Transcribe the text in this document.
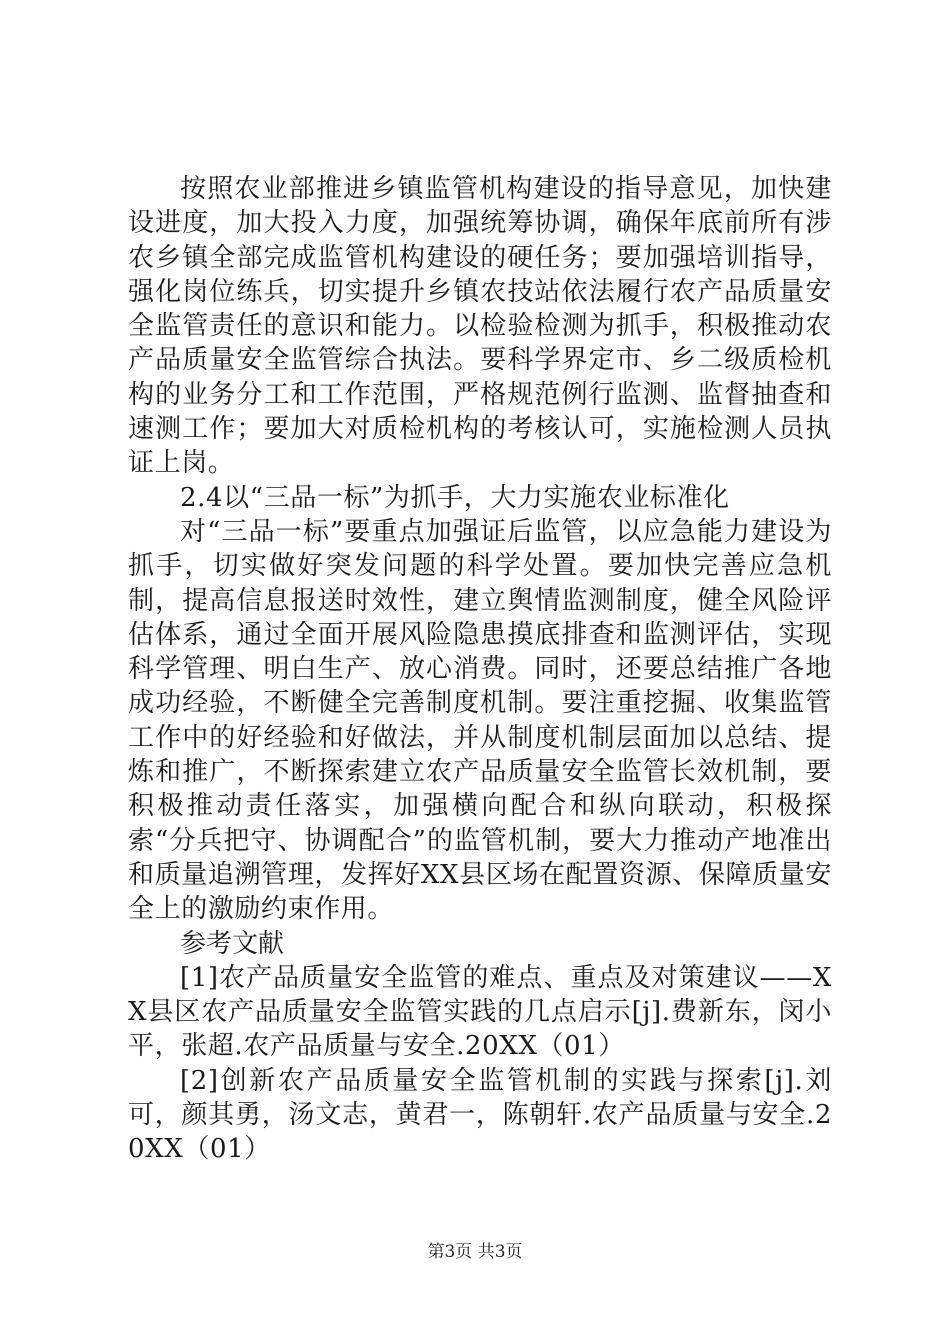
按照农业部推进乡镇监管机构建设的指导意见，加快建设进度，加大投入力度，加强统筹协调，确保年底前所有涉农乡镇全部完成监管机构建设的硬任务；要加强培训指导，强化岗位练兵，切实提升乡镇农技站依法履行农产品质量安全监管责任的意识和能力。以检验检测为抓手，积极推动农产品质量安全监管综合执法。要科学界定市、乡二级质检机构的业务分工和工作范围，严格规范例行监测、监督抽查和速测工作；要加大对质检机构的考核认可，实施检测人员执证上岗。

2.4以“三品一标”为抓手，大力实施农业标准化

对“三品一标”要重点加强证后监管，以应急能力建设为抓手，切实做好突发问题的科学处置。要加快完善应急机制，提高信息报送时效性，建立舆情监测制度，健全风险评估体系，通过全面开展风险隐患摸底排查和监测评估，实现科学管理、明白生产、放心消费。同时，还要总结推广各地成功经验，不断健全完善制度机制。要注重挖掘、收集监管工作中的好经验和好做法，并从制度机制层面加以总结、提炼和推广，不断探索建立农产品质量安全监管长效机制，要积极推动责任落实，加强横向配合和纵向联动，积极探索“分兵把守、协调配合”的监管机制，要大力推动产地准出和质量追溯管理，发挥好XX县区场在配置资源、保障质量安全上的激励约束作用。

参考文献

[1]农产品质量安全监管的难点、重点及对策建议——XX县区农产品质量安全监管实践的几点启示[j].费新东，闵小平，张超.农产品质量与安全.20XX（01）

[2]创新农产品质量安全监管机制的实践与探索[j].刘可，颜其勇，汤文志，黄君一，陈朝轩.农产品质量与安全.20XX（01）

第3页 共3页
